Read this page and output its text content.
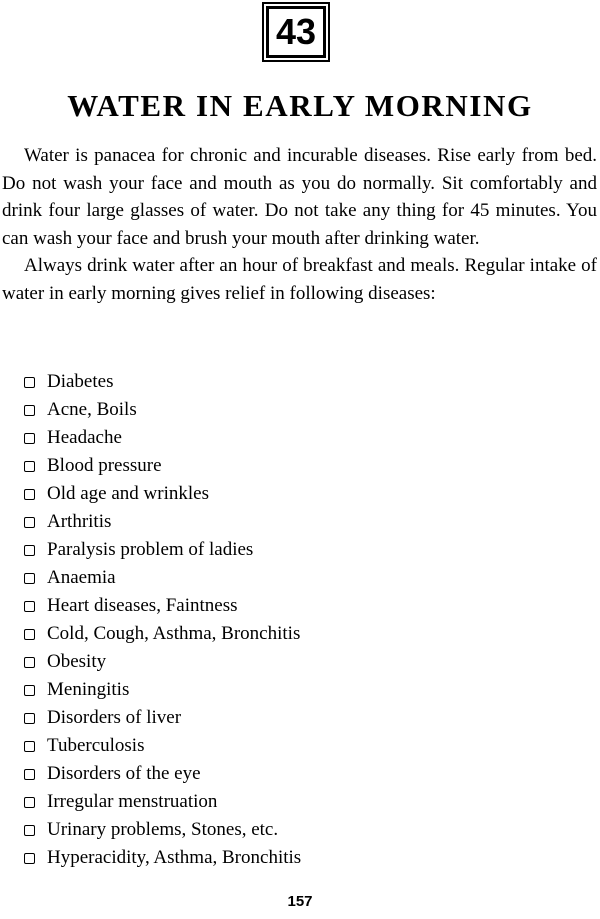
43
WATER IN EARLY MORNING

Water is panacea for chronic and incurable diseases. Rise early from bed. Do not wash your face and mouth as you do normally. Sit comfortably and drink four large glasses of water. Do not take any thing for 45 minutes. You can wash your face and brush your mouth after drinking water.

Always drink water after an hour of breakfast and meals. Regular intake of water in early morning gives relief in following diseases:

Diabetes
Acne, Boils
Headache
Blood pressure
Old age and wrinkles
Arthritis
Paralysis problem of ladies
Anaemia
Heart diseases, Faintness
Cold, Cough, Asthma, Bronchitis
Obesity
Meningitis
Disorders of liver
Tuberculosis
Disorders of the eye
Irregular menstruation
Urinary problems, Stones, etc.
Hyperacidity, Asthma, Bronchitis
157
